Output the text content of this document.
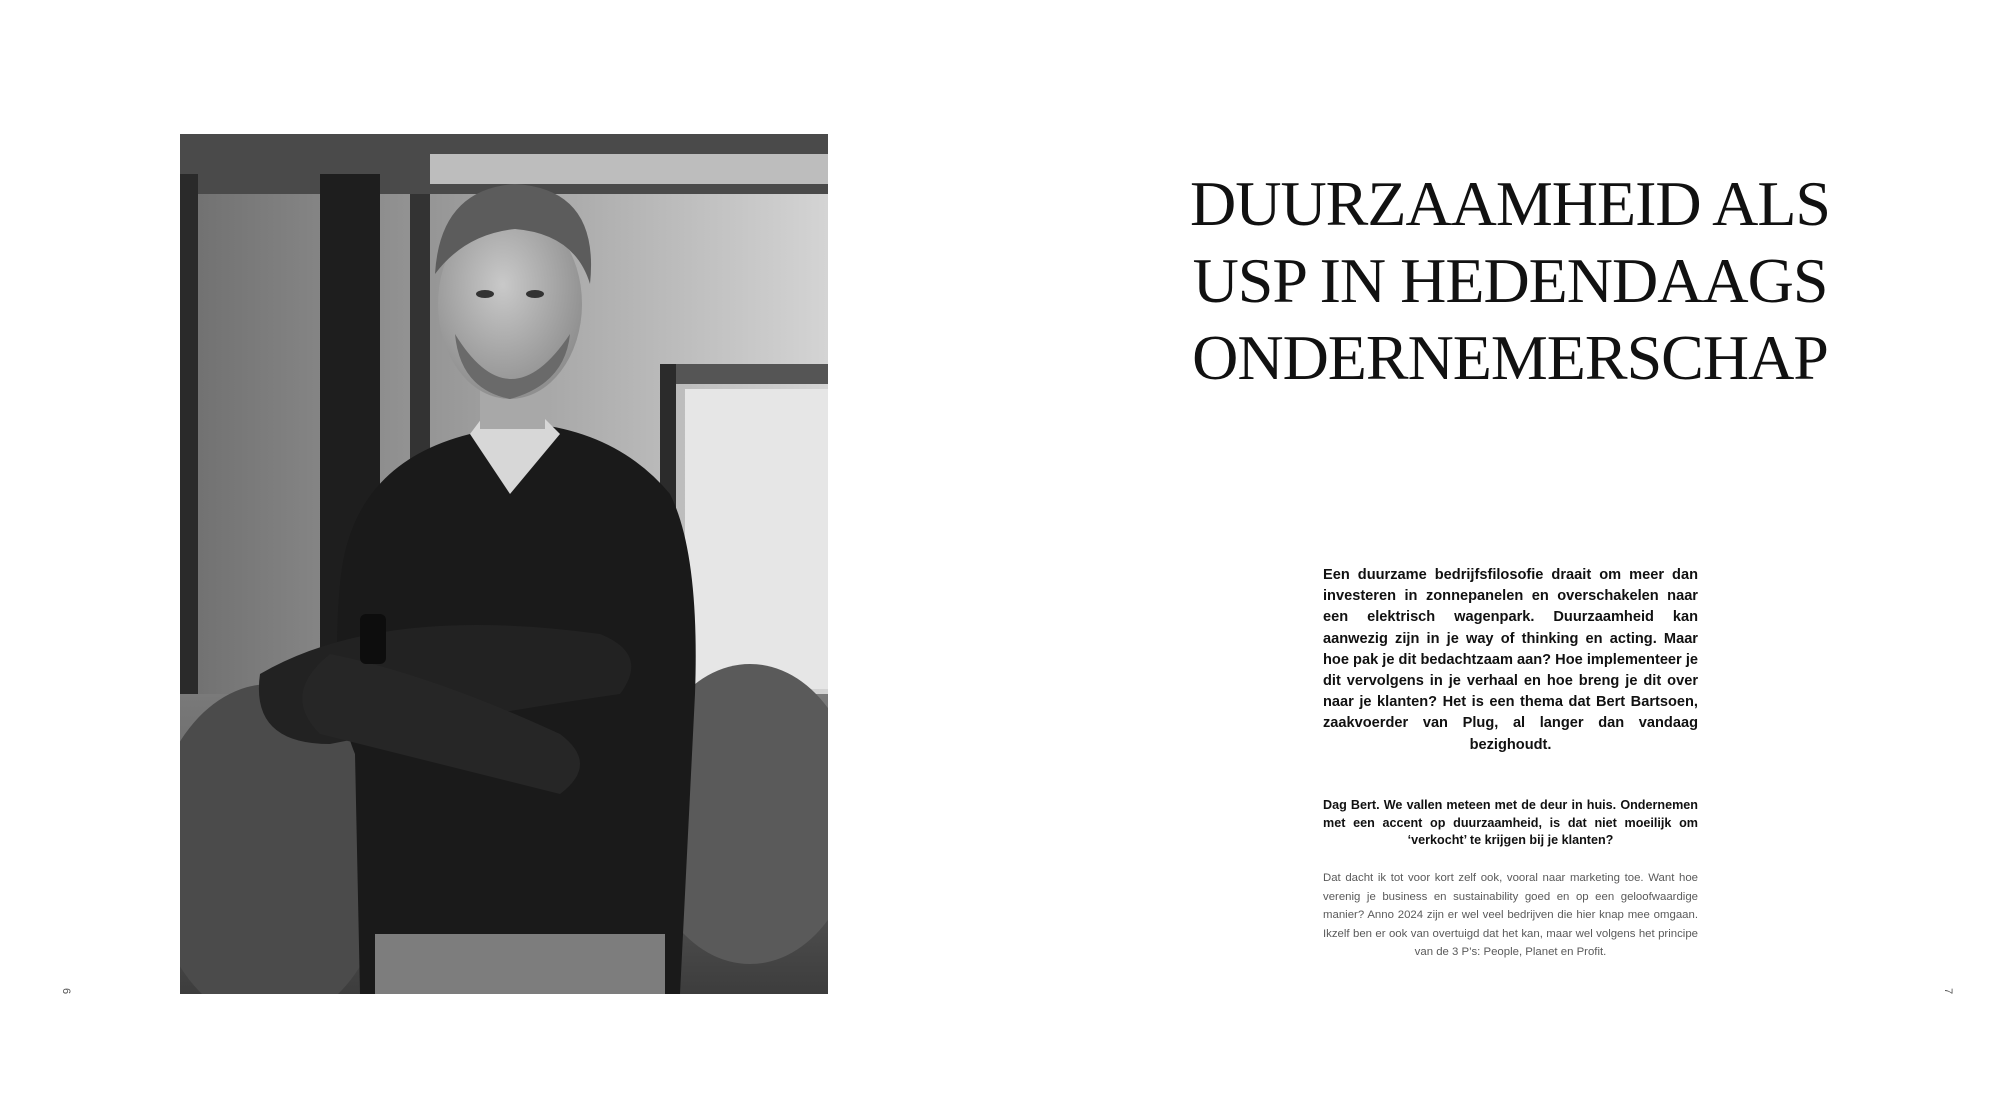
6
DUURZAAMHEID ALS
USP IN HEDENDAAGS
ONDERNEMERSCHAP

Een duurzame bedrijfsfilosofie draait om meer dan investeren in zonnepanelen en overschakelen naar een elektrisch wagenpark. Duurzaamheid kan aanwezig zijn in je way of thinking en acting. Maar hoe pak je dit bedachtzaam aan? Hoe implementeer je dit vervolgens in je verhaal en hoe breng je dit over naar je klanten? Het is een thema dat Bert Bartsoen, zaakvoerder van Plug, al langer dan vandaag bezighoudt.

Dag Bert. We vallen meteen met de deur in huis. Ondernemen met een accent op duurzaamheid, is dat niet moeilijk om ‘verkocht’ te krijgen bij je klanten?

Dat dacht ik tot voor kort zelf ook, vooral naar marketing toe. Want hoe verenig je business en sustainability goed en op een geloofwaardige manier? Anno 2024 zijn er wel veel bedrijven die hier knap mee omgaan. Ikzelf ben er ook van overtuigd dat het kan, maar wel volgens het principe van de 3 P’s: People, Planet en Profit.

7
